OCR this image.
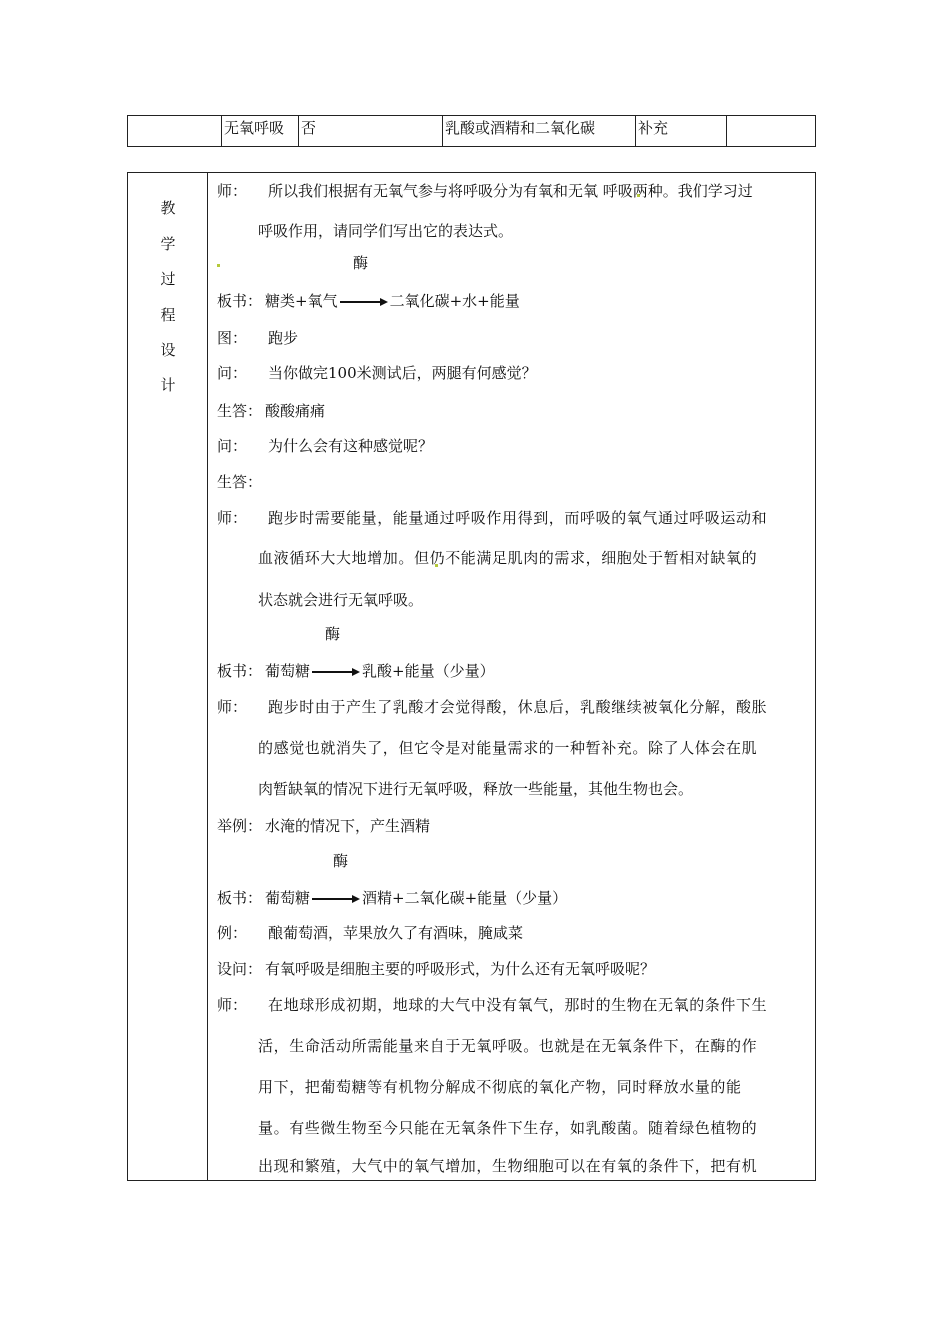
无氧呼吸	否	乳酸或酒精和二氧化碳	补充
教
学
过
程
设
计
师： 所以我们根据有无氧气参与将呼吸分为有氧和无氧 呼吸两种。我们学习过
呼吸作用，请同学们写出它的表达式。
酶
板书： 糖类+氧气	二氧化碳+水+能量
图： 跑步
问： 当你做完100米测试后，两腿有何感觉？
生答： 酸酸痛痛
问： 为什么会有这种感觉呢？
生答：
师： 跑步时需要能量，能量通过呼吸作用得到，而呼吸的氧气通过呼吸运动和
血液循环大大地增加。但仍不能满足肌肉的需求，细胞处于暂相对缺氧的
状态就会进行无氧呼吸。
酶
板书： 葡萄糖	乳酸+能量（少量）
师： 跑步时由于产生了乳酸才会觉得酸，休息后，乳酸继续被氧化分解，酸胀
的感觉也就消失了，但它令是对能量需求的一种暂补充。除了人体会在肌
肉暂缺氧的情况下进行无氧呼吸，释放一些能量，其他生物也会。
举例： 水淹的情况下，产生酒精
酶
板书： 葡萄糖	酒精+二氧化碳+能量（少量）
例： 酿葡萄酒，苹果放久了有酒味，腌咸菜
设问： 有氧呼吸是细胞主要的呼吸形式，为什么还有无氧呼吸呢？
师： 在地球形成初期，地球的大气中没有氧气，那时的生物在无氧的条件下生
活，生命活动所需能量来自于无氧呼吸。也就是在无氧条件下，在酶的作
用下，把葡萄糖等有机物分解成不彻底的氧化产物，同时释放水量的能
量。有些微生物至今只能在无氧条件下生存，如乳酸菌。随着绿色植物的
出现和繁殖，大气中的氧气增加，生物细胞可以在有氧的条件下，把有机
